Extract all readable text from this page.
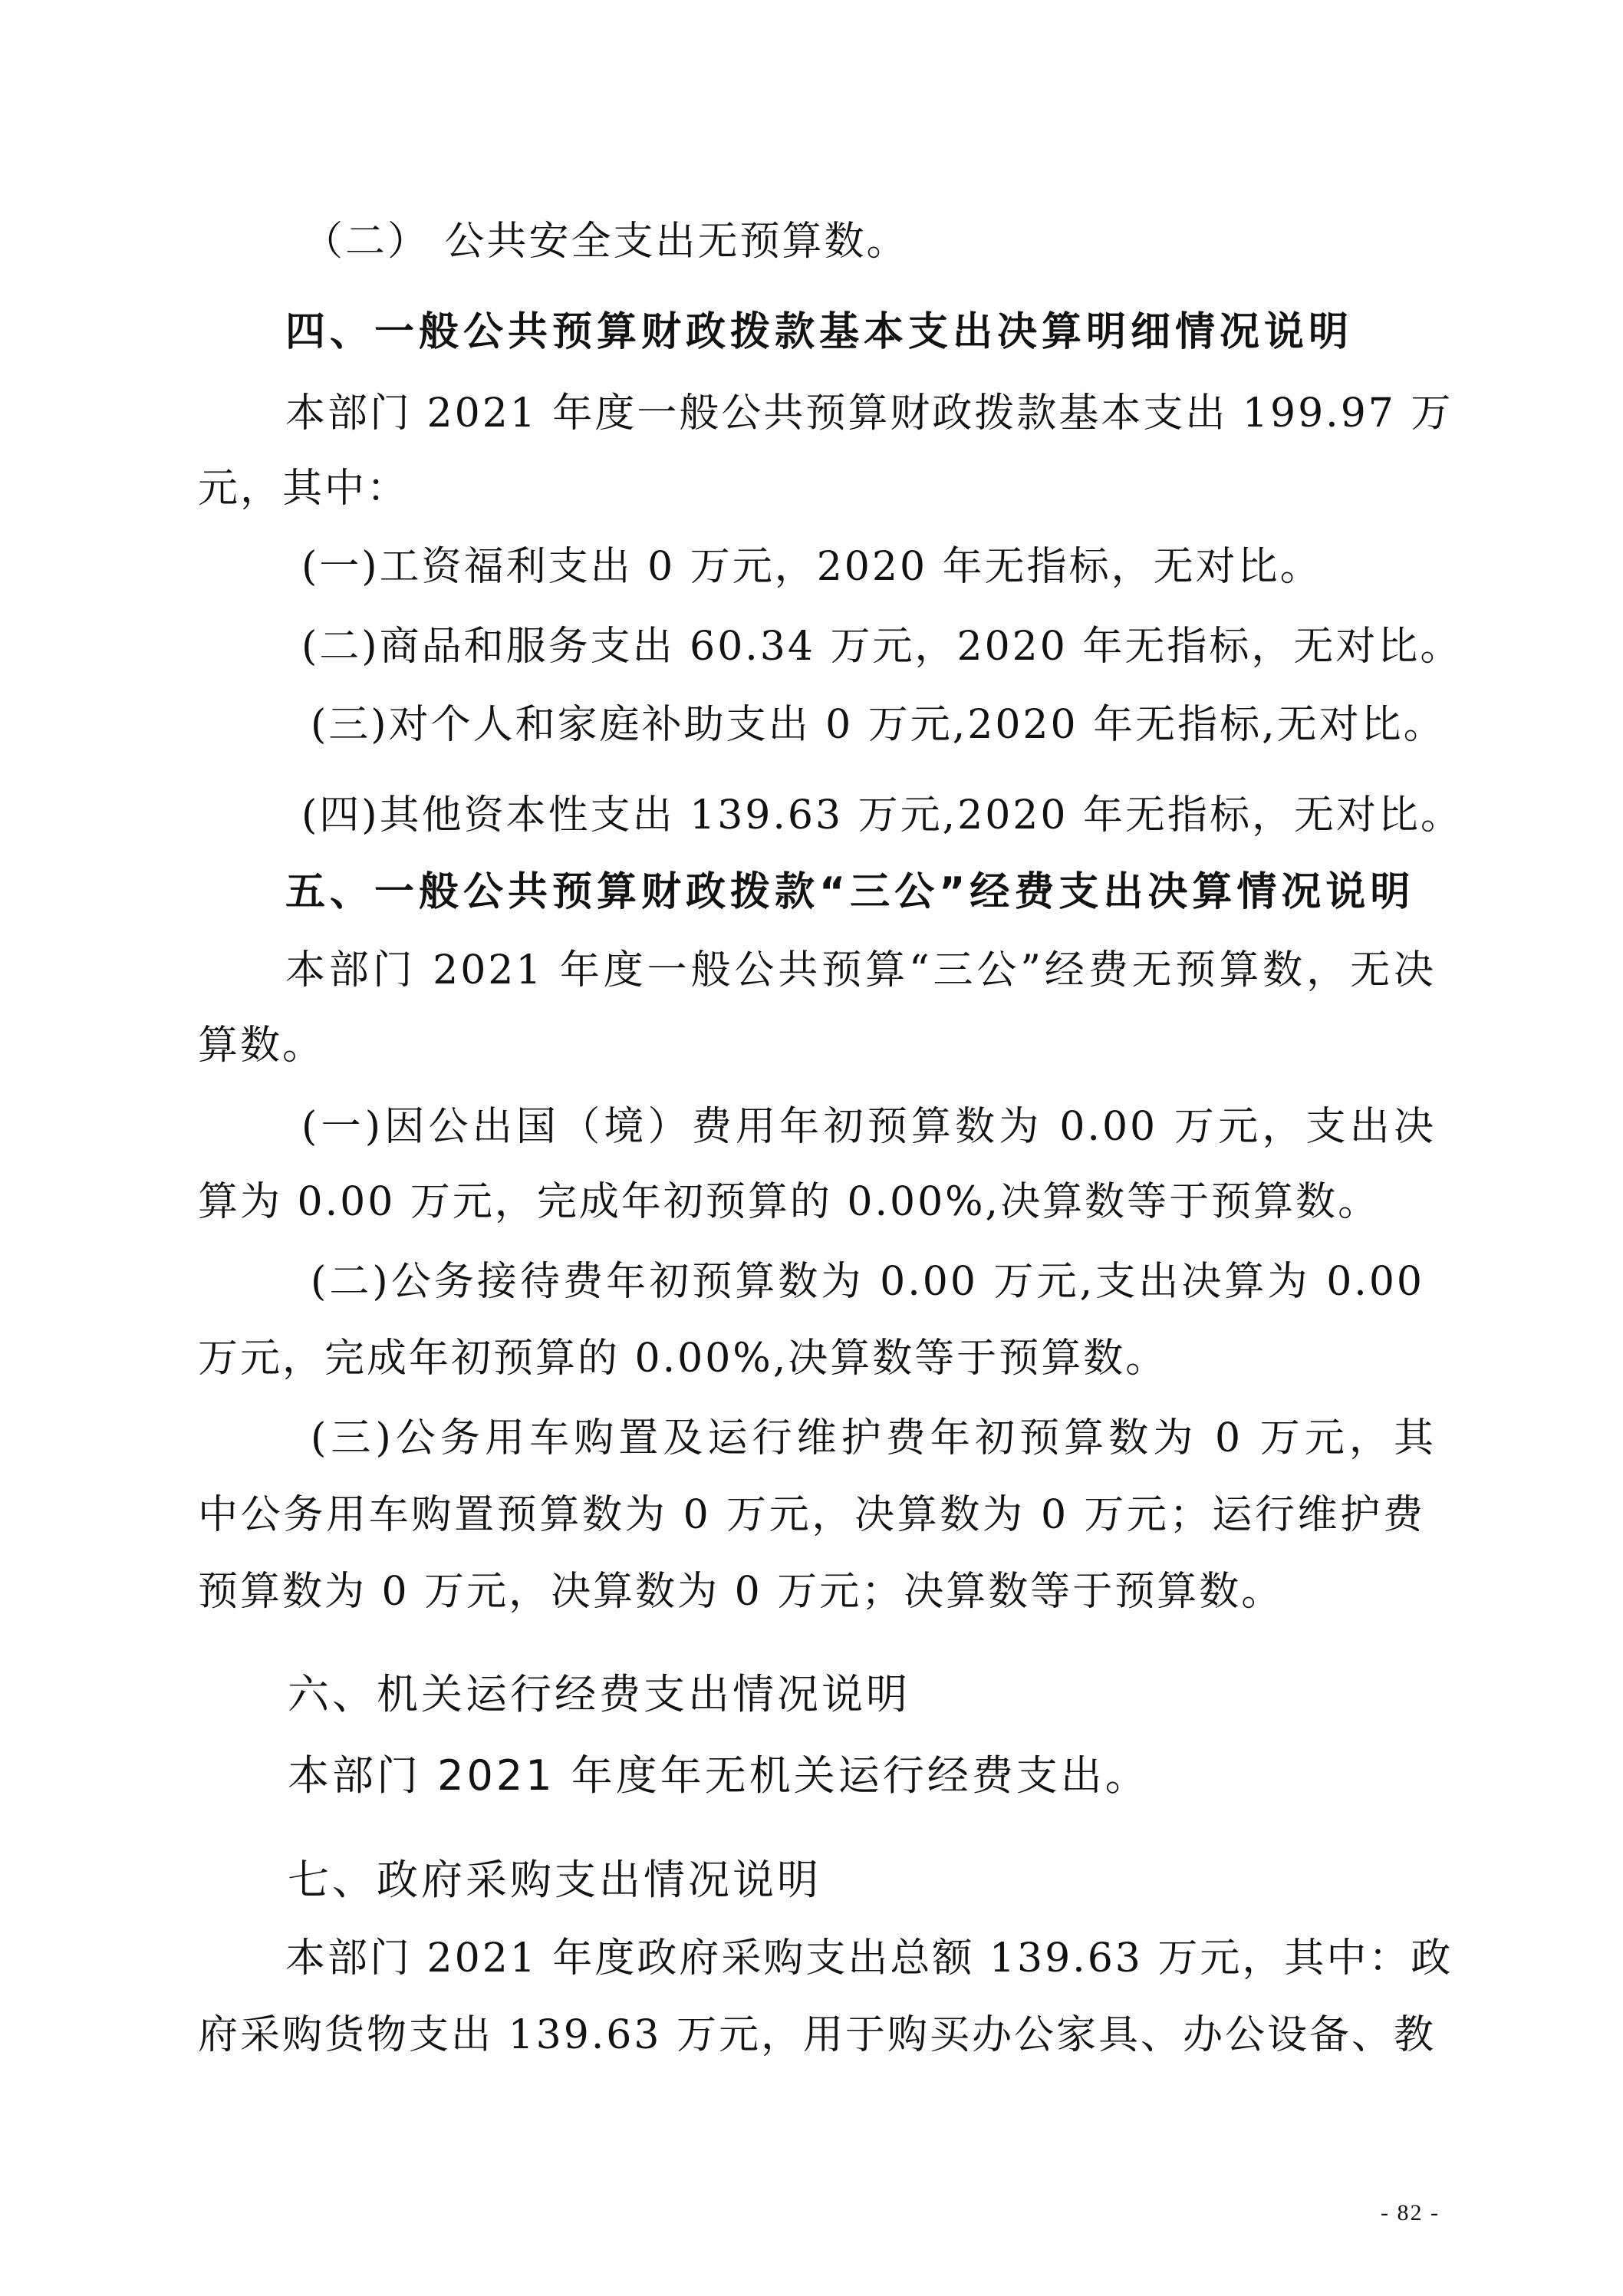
（二） 公共安全支出无预算数。
四、一般公共预算财政拨款基本支出决算明细情况说明
本部门 2021 年度一般公共预算财政拨款基本支出 199.97 万
元，其中：
(一)工资福利支出 0 万元，2020 年无指标，无对比。
(二)商品和服务支出 60.34 万元，2020 年无指标，无对比。
(三)对个人和家庭补助支出 0 万元,2020 年无指标,无对比。
(四)其他资本性支出 139.63 万元,2020 年无指标，无对比。
五、一般公共预算财政拨款“三公”经费支出决算情况说明
本部门 2021 年度一般公共预算“三公”经费无预算数，无决
算数。
(一)因公出国（境）费用年初预算数为 0.00 万元，支出决
算为 0.00 万元，完成年初预算的 0.00%,决算数等于预算数。
(二)公务接待费年初预算数为 0.00 万元,支出决算为 0.00
万元，完成年初预算的 0.00%,决算数等于预算数。
(三)公务用车购置及运行维护费年初预算数为 0 万元，其
中公务用车购置预算数为 0 万元，决算数为 0 万元；运行维护费
预算数为 0 万元，决算数为 0 万元；决算数等于预算数。
六、机关运行经费支出情况说明
本部门 2021 年度年无机关运行经费支出。
七、政府采购支出情况说明
本部门 2021 年度政府采购支出总额 139.63 万元，其中：政
府采购货物支出 139.63 万元，用于购买办公家具、办公设备、教
- 82 -
